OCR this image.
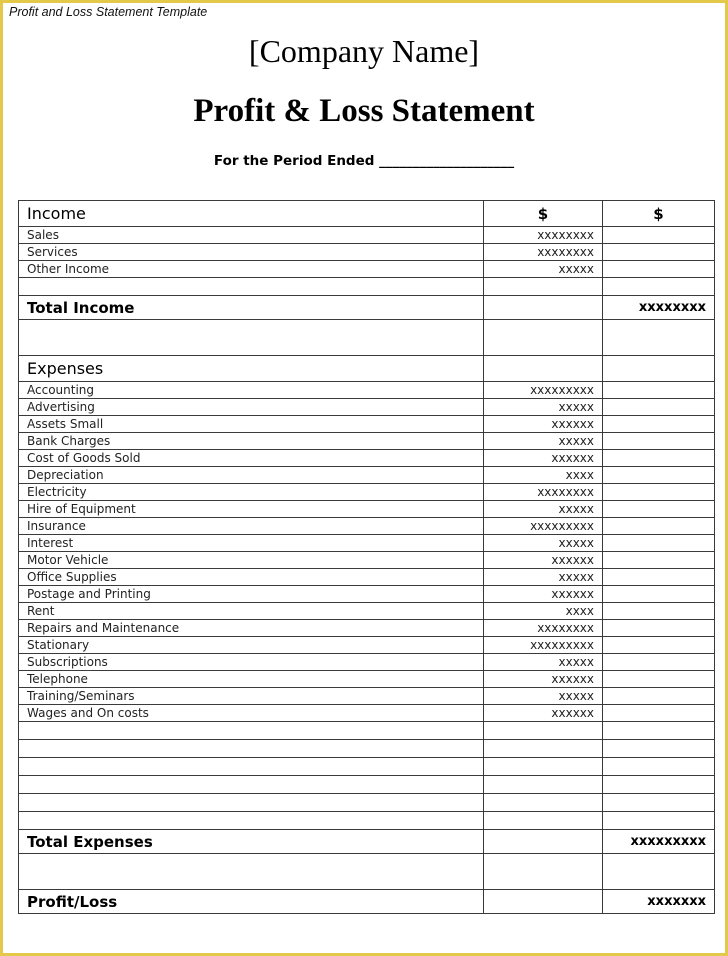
Profit and Loss Statement Template
[Company Name]
Profit & Loss Statement
For the Period Ended ____________________
Income	$	$
Sales	xxxxxxxx	
Services	xxxxxxxx	
Other Income	xxxxx	

Total Income		xxxxxxxx

Expenses		
Accounting	xxxxxxxxx	
Advertising	xxxxx	
Assets Small	xxxxxx	
Bank Charges	xxxxx	
Cost of Goods Sold	xxxxxx	
Depreciation	xxxx	
Electricity	xxxxxxxx	
Hire of Equipment	xxxxx	
Insurance	xxxxxxxxx	
Interest	xxxxx	
Motor Vehicle	xxxxxx	
Office Supplies	xxxxx	
Postage and Printing	xxxxxx	
Rent	xxxx	
Repairs and Maintenance	xxxxxxxx	
Stationary	xxxxxxxxx	
Subscriptions	xxxxx	
Telephone	xxxxxx	
Training/Seminars	xxxxx	
Wages and On costs	xxxxxx	

Total Expenses		xxxxxxxxx

Profit/Loss		xxxxxxx
